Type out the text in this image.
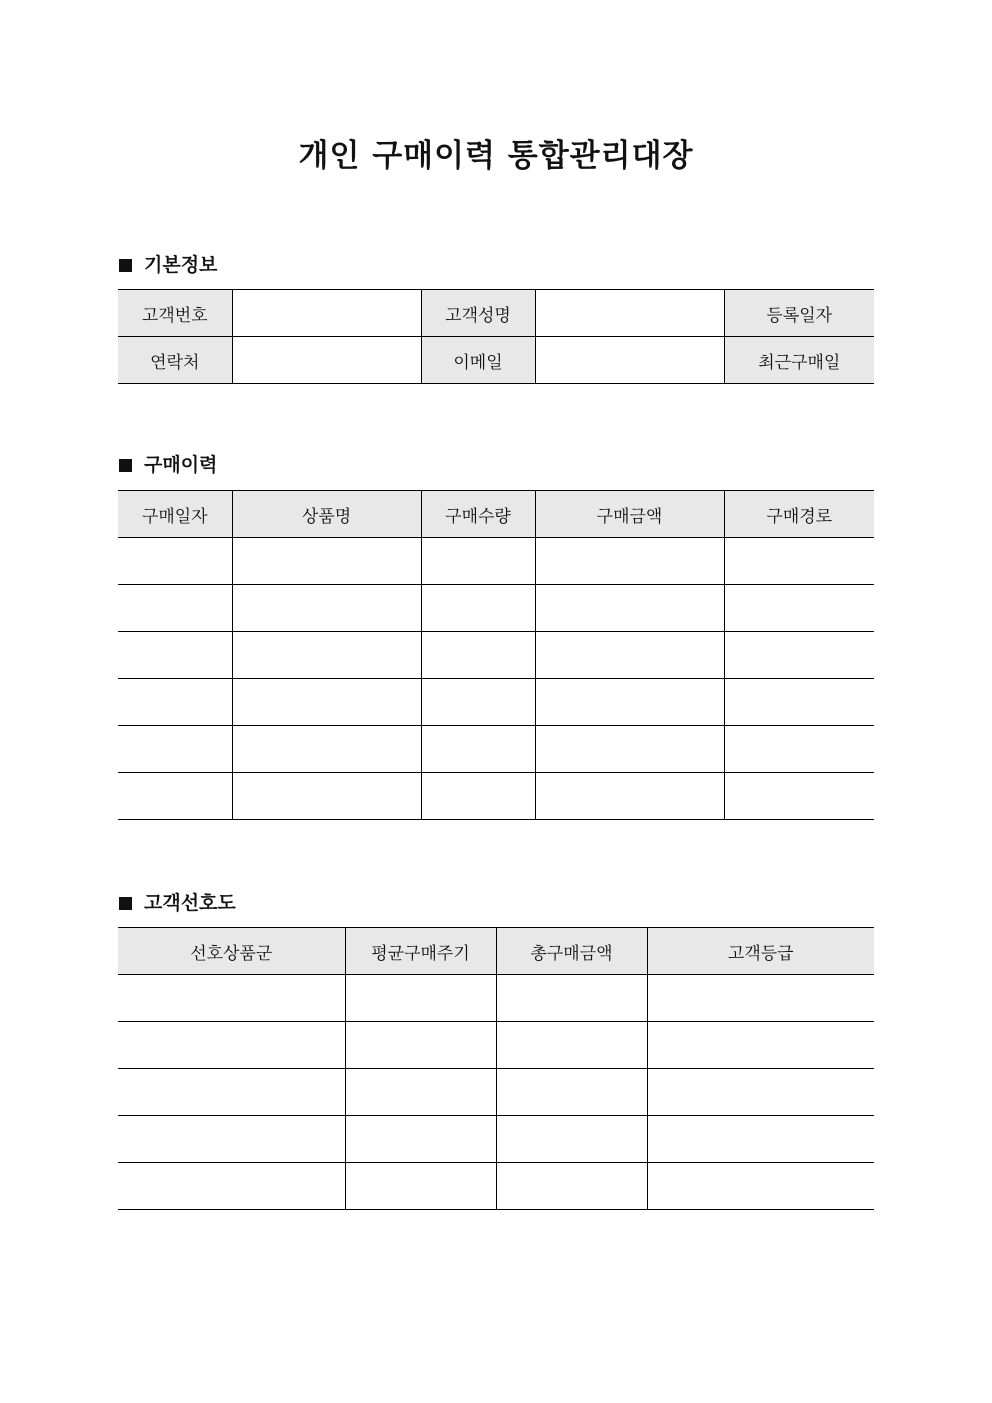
개인 구매이력 통합관리대장
기본정보
고객번호		고객성명		등록일자
연락처		이메일		최근구매일
구매이력
구매일자	상품명	구매수량	구매금액	구매경로

고객선호도
선호상품군	평균구매주기	총구매금액	고객등급
